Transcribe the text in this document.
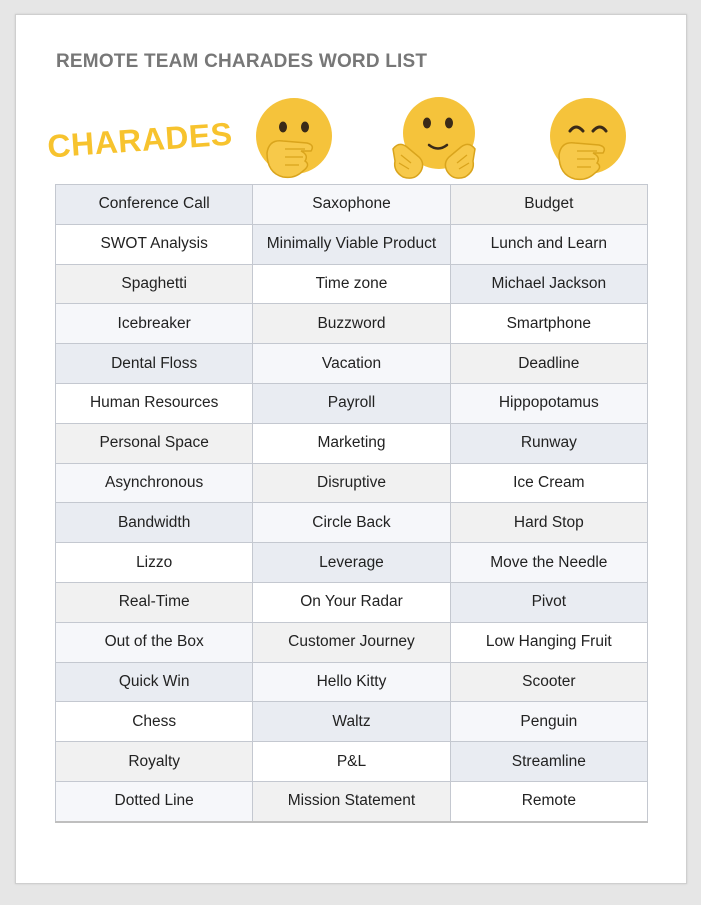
REMOTE TEAM CHARADES WORD LIST
CHARADES
Conference Call	Saxophone	Budget
SWOT Analysis	Minimally Viable Product	Lunch and Learn
Spaghetti	Time zone	Michael Jackson
Icebreaker	Buzzword	Smartphone
Dental Floss	Vacation	Deadline
Human Resources	Payroll	Hippopotamus
Personal Space	Marketing	Runway
Asynchronous	Disruptive	Ice Cream
Bandwidth	Circle Back	Hard Stop
Lizzo	Leverage	Move the Needle
Real-Time	On Your Radar	Pivot
Out of the Box	Customer Journey	Low Hanging Fruit
Quick Win	Hello Kitty	Scooter
Chess	Waltz	Penguin
Royalty	P&L	Streamline
Dotted Line	Mission Statement	Remote
